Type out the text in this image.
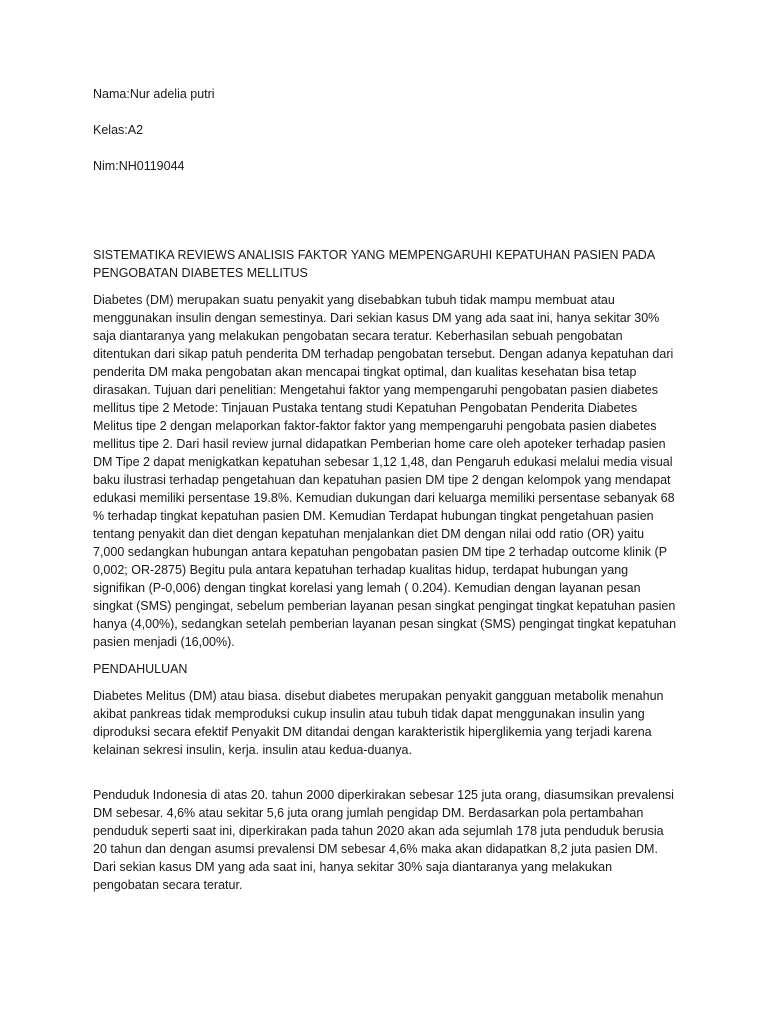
Nama:Nur adelia putri
Kelas:A2
Nim:NH0119044
SISTEMATIKA REVIEWS ANALISIS FAKTOR YANG MEMPENGARUHI KEPATUHAN PASIEN PADA PENGOBATAN DIABETES MELLITUS
Diabetes (DM) merupakan suatu penyakit yang disebabkan tubuh tidak mampu membuat atau menggunakan insulin dengan semestinya. Dari sekian kasus DM yang ada saat ini, hanya sekitar 30% saja diantaranya yang melakukan pengobatan secara teratur. Keberhasilan sebuah pengobatan ditentukan dari sikap patuh penderita DM terhadap pengobatan tersebut. Dengan adanya kepatuhan dari penderita DM maka pengobatan akan mencapai tingkat optimal, dan kualitas kesehatan bisa tetap dirasakan. Tujuan dari penelitian: Mengetahui faktor yang mempengaruhi pengobatan pasien diabetes mellitus tipe 2 Metode: Tinjauan Pustaka tentang studi Kepatuhan Pengobatan Penderita Diabetes Melitus tipe 2 dengan melaporkan faktor-faktor faktor yang mempengaruhi pengobata pasien diabetes mellitus tipe 2. Dari hasil review jurnal didapatkan Pemberian home care oleh apoteker terhadap pasien DM Tipe 2 dapat menigkatkan kepatuhan sebesar 1,12 1,48, dan Pengaruh edukasi melalui media visual baku ilustrasi terhadap pengetahuan dan kepatuhan pasien DM tipe 2 dengan kelompok yang mendapat edukasi memiliki persentase 19.8%. Kemudian dukungan dari keluarga memiliki persentase sebanyak 68 % terhadap tingkat kepatuhan pasien DM. Kemudian Terdapat hubungan tingkat pengetahuan pasien tentang penyakit dan diet dengan kepatuhan menjalankan diet DM dengan nilai odd ratio (OR) yaitu 7,000 sedangkan hubungan antara kepatuhan pengobatan pasien DM tipe 2 terhadap outcome klinik (P 0,002; OR-2875) Begitu pula antara kepatuhan terhadap kualitas hidup, terdapat hubungan yang signifikan (P-0,006) dengan tingkat korelasi yang lemah ( 0.204). Kemudian dengan layanan pesan singkat (SMS) pengingat, sebelum pemberian layanan pesan singkat pengingat tingkat kepatuhan pasien hanya (4,00%), sedangkan setelah pemberian layanan pesan singkat (SMS) pengingat tingkat kepatuhan pasien menjadi (16,00%).
PENDAHULUAN
Diabetes Melitus (DM) atau biasa. disebut diabetes merupakan penyakit gangguan metabolik menahun akibat pankreas tidak memproduksi cukup insulin atau tubuh tidak dapat menggunakan insulin yang diproduksi secara efektif Penyakit DM ditandai dengan karakteristik hiperglikemia yang terjadi karena kelainan sekresi insulin, kerja. insulin atau kedua-duanya.
Penduduk Indonesia di atas 20. tahun 2000 diperkirakan sebesar 125 juta orang, diasumsikan prevalensi DM sebesar. 4,6% atau sekitar 5,6 juta orang jumlah pengidap DM. Berdasarkan pola pertambahan penduduk seperti saat ini, diperkirakan pada tahun 2020 akan ada sejumlah 178 juta penduduk berusia 20 tahun dan dengan asumsi prevalensi DM sebesar 4,6% maka akan didapatkan 8,2 juta pasien DM. Dari sekian kasus DM yang ada saat ini, hanya sekitar 30% saja diantaranya yang melakukan pengobatan secara teratur.
